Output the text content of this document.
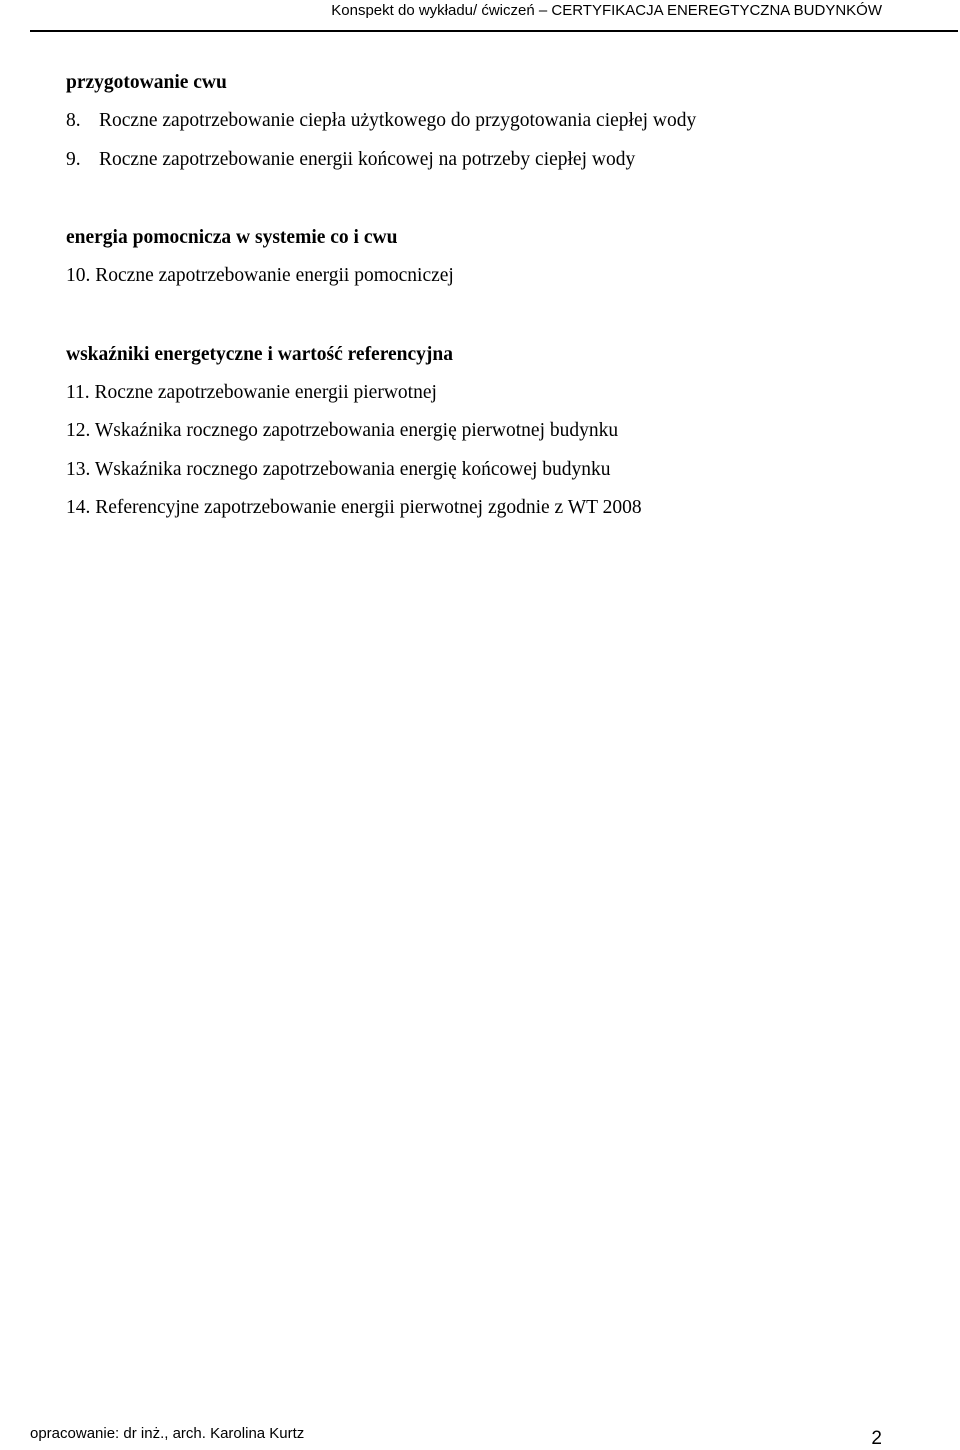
Konspekt do wykładu/ ćwiczeń – CERTYFIKACJA ENEREGTYCZNA BUDYNKÓW
przygotowanie cwu
8. Roczne zapotrzebowanie ciepła użytkowego do przygotowania ciepłej wody
9. Roczne zapotrzebowanie energii końcowej na potrzeby ciepłej wody
energia pomocnicza w systemie co i cwu
10. Roczne zapotrzebowanie energii pomocniczej
wskaźniki energetyczne i wartość referencyjna
11. Roczne zapotrzebowanie energii pierwotnej
12. Wskaźnika rocznego zapotrzebowania energię pierwotnej budynku
13. Wskaźnika rocznego zapotrzebowania energię końcowej budynku
14. Referencyjne zapotrzebowanie energii pierwotnej zgodnie z WT 2008
opracowanie: dr inż., arch. Karolina Kurtz	2
